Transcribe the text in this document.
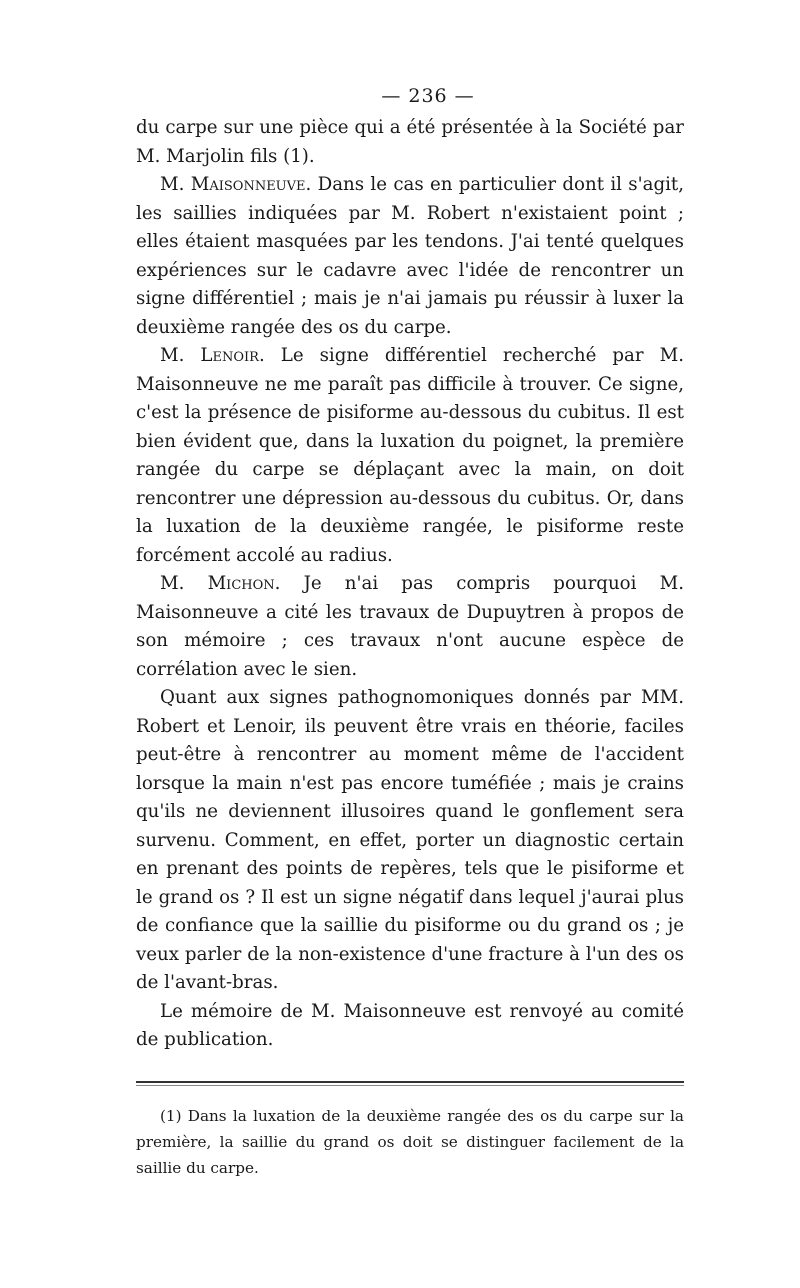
— 236 —

du carpe sur une pièce qui a été présentée à la Société par M. Marjolin fils (1).

M. Maisonneuve. Dans le cas en particulier dont il s'agit, les saillies indiquées par M. Robert n'existaient point ; elles étaient masquées par les tendons. J'ai tenté quelques expériences sur le cadavre avec l'idée de rencontrer un signe différentiel ; mais je n'ai jamais pu réussir à luxer la deuxième rangée des os du carpe.

M. Lenoir. Le signe différentiel recherché par M. Maisonneuve ne me paraît pas difficile à trouver. Ce signe, c'est la présence de pisiforme au-dessous du cubitus. Il est bien évident que, dans la luxation du poignet, la première rangée du carpe se déplaçant avec la main, on doit rencontrer une dépression au-dessous du cubitus. Or, dans la luxation de la deuxième rangée, le pisiforme reste forcément accolé au radius.

M. Michon. Je n'ai pas compris pourquoi M. Maisonneuve a cité les travaux de Dupuytren à propos de son mémoire ; ces travaux n'ont aucune espèce de corrélation avec le sien.

Quant aux signes pathognomoniques donnés par MM. Robert et Lenoir, ils peuvent être vrais en théorie, faciles peut-être à rencontrer au moment même de l'accident lorsque la main n'est pas encore tuméfiée ; mais je crains qu'ils ne deviennent illusoires quand le gonflement sera survenu. Comment, en effet, porter un diagnostic certain en prenant des points de repères, tels que le pisiforme et le grand os ? Il est un signe négatif dans lequel j'aurai plus de confiance que la saillie du pisiforme ou du grand os ; je veux parler de la non-existence d'une fracture à l'un des os de l'avant-bras.

Le mémoire de M. Maisonneuve est renvoyé au comité de publication.

(1) Dans la luxation de la deuxième rangée des os du carpe sur la première, la saillie du grand os doit se distinguer facilement de la saillie du carpe.
